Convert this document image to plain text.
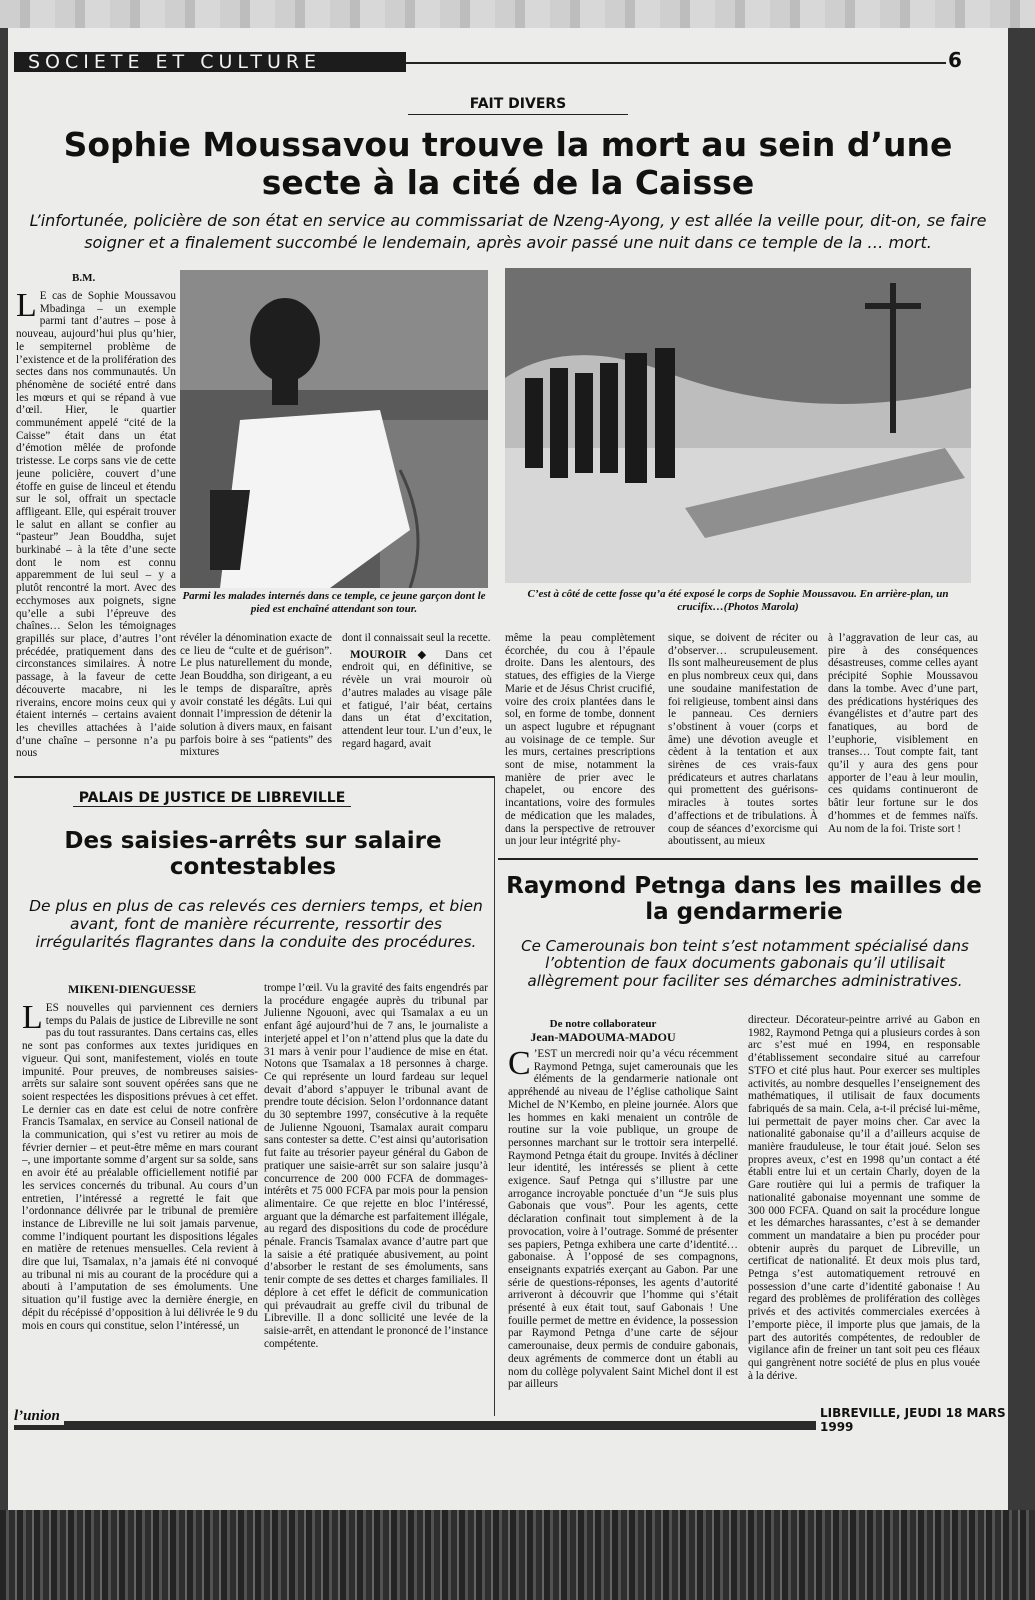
SOCIETE ET CULTURE	6
FAIT DIVERS
Sophie Moussavou trouve la mort au sein d’une secte à la cité de la Caisse
L’infortunée, policière de son état en service au commissariat de Nzeng-Ayong, y est allée la veille pour, dit-on, se faire soigner et a finalement succombé le lendemain, après avoir passé une nuit dans ce temple de la … mort.
B.M.
L E cas de Sophie Moussavou Mbadinga – un exemple parmi tant d’autres – pose à nouveau, aujourd’hui plus qu’hier, le sempiternel problème de l’existence et de la prolifération des sectes dans nos communautés. Un phénomène de société entré dans les mœurs et qui se répand à vue d’œil. Hier, le quartier communément appelé “cité de la Caisse” était dans un état d’émotion mêlée de profonde tristesse. Le corps sans vie de cette jeune policière, couvert d’une étoffe en guise de linceul et étendu sur le sol, offrait un spectacle affligeant. Elle, qui espérait trouver le salut en allant se confier au “pasteur” Jean Bouddha, sujet burkinabé – à la tête d’une secte dont le nom est connu apparemment de lui seul – y a plutôt rencontré la mort. Avec des ecchymoses aux poignets, signe qu’elle a subi l’épreuve des chaînes… Selon les témoignages grapillés sur place, d’autres l’ont précédée, pratiquement dans des circonstances similaires. À notre passage, à la faveur de cette découverte macabre, ni les riverains, encore moins ceux qui y étaient internés – certains avaient les chevilles attachées à l’aide d’une chaîne – personne n’a pu nous
Parmi les malades internés dans ce temple, ce jeune garçon dont le pied est enchaîné attendant son tour.
C’est à côté de cette fosse qu’a été exposé le corps de Sophie Moussavou. En arrière-plan, un crucifix…(Photos Marola)
révéler la dénomination exacte de ce lieu de “culte et de guérison”. Le plus naturellement du monde, Jean Bouddha, son dirigeant, a eu le temps de disparaître, après avoir constaté les dégâts. Lui qui donnait l’impression de détenir la solution à divers maux, en faisant parfois boire à ses “patients” des mixtures

dont il connaissait seul la recette.

MOUROIR ◆ Dans cet endroit qui, en définitive, se révèle un vrai mouroir où d’autres malades au visage pâle et fatigué, l’air béat, certains dans un état d’excitation, attendent leur tour. L’un d’eux, le regard hagard, avait

même la peau complètement écorchée, du cou à l’épaule droite. Dans les alentours, des statues, des effigies de la Vierge Marie et de Jésus Christ crucifié, voire des croix plantées dans le sol, en forme de tombe, donnent un aspect lugubre et répugnant au voisinage de ce temple. Sur les murs, certaines prescriptions sont de mise, notamment la manière de prier avec le chapelet, ou encore des incantations, voire des formules de médication que les malades, dans la perspective de retrouver un jour leur intégrité phy-
sique, se doivent de réciter ou d’observer… scrupuleusement. Ils sont malheureusement de plus en plus nombreux ceux qui, dans une soudaine manifestation de foi religieuse, tombent ainsi dans le panneau. Ces derniers s’obstinent à vouer (corps et âme) une dévotion aveugle et cèdent à la tentation et aux sirènes de ces vrais-faux prédicateurs et autres charlatans qui promettent des guérisons-miracles à toutes sortes d’affections et de tribulations. À coup de séances d’exorcisme qui aboutissent, au mieux
à l’aggravation de leur cas, au pire à des conséquences désastreuses, comme celles ayant précipité Sophie Moussavou dans la tombe. Avec d’une part, des prédications hystériques des évangélistes et d’autre part des fanatiques, au bord de l’euphorie, visiblement en transes… Tout compte fait, tant qu’il y aura des gens pour apporter de l’eau à leur moulin, ces quidams continueront de bâtir leur fortune sur le dos d’hommes et de femmes naïfs. Au nom de la foi. Triste sort !
PALAIS DE JUSTICE DE LIBREVILLE
Des saisies-arrêts sur salaire contestables
De plus en plus de cas relevés ces derniers temps, et bien avant, font de manière récurrente, ressortir des irrégularités flagrantes dans la conduite des procédures.
MIKENI-DIENGUESSE
LES nouvelles qui parviennent ces derniers temps du Palais de justice de Libreville ne sont pas du tout rassurantes. Dans certains cas, elles ne sont pas conformes aux textes juridiques en vigueur. Qui sont, manifestement, violés en toute impunité. Pour preuves, de nombreuses saisies-arrêts sur salaire sont souvent opérées sans que ne soient respectées les dispositions prévues à cet effet. Le dernier cas en date est celui de notre confrère Francis Tsamalax, en service au Conseil national de la communication, qui s’est vu retirer au mois de février dernier – et peut-être même en mars courant –, une importante somme d’argent sur sa solde, sans en avoir été au préalable officiellement notifié par les services concernés du tribunal. Au cours d’un entretien, l’intéressé a regretté le fait que l’ordonnance délivrée par le tribunal de première instance de Libreville ne lui soit jamais parvenue, comme l’indiquent pourtant les dispositions légales en matière de retenues mensuelles. Cela revient à dire que lui, Tsamalax, n’a jamais été ni convoqué au tribunal ni mis au courant de la procédure qui a abouti à l’amputation de ses émoluments. Une situation qu’il fustige avec la dernière énergie, en dépit du récépissé d’opposition à lui délivrée le 9 du mois en cours qui constitue, selon l’intéressé, un
trompe l’œil. Vu la gravité des faits engendrés par la procédure engagée auprès du tribunal par Julienne Ngouoni, avec qui Tsamalax a eu un enfant âgé aujourd’hui de 7 ans, le journaliste a interjeté appel et l’on n’attend plus que la date du 31 mars à venir pour l’audience de mise en état. Notons que Tsamalax a 18 personnes à charge. Ce qui représente un lourd fardeau sur lequel devait d’abord s’appuyer le tribunal avant de prendre toute décision. Selon l’ordonnance datant du 30 septembre 1997, consécutive à la requête de Julienne Ngouoni, Tsamalax aurait comparu sans contester sa dette. C’est ainsi qu’autorisation fut faite au trésorier payeur général du Gabon de pratiquer une saisie-arrêt sur son salaire jusqu’à concurrence de 200 000 FCFA de dommages-intérêts et 75 000 FCFA par mois pour la pension alimentaire. Ce que rejette en bloc l’intéressé, arguant que la démarche est parfaitement illégale, au regard des dispositions du code de procédure pénale. Francis Tsamalax avance d’autre part que la saisie a été pratiquée abusivement, au point d’absorber le restant de ses émoluments, sans tenir compte de ses dettes et charges familiales. Il déplore à cet effet le déficit de communication qui prévaudrait au greffe civil du tribunal de Libreville. Il a donc sollicité une levée de la saisie-arrêt, en attendant le prononcé de l’instance compétente.
Raymond Petnga dans les mailles de la gendarmerie
Ce Camerounais bon teint s’est notamment spécialisé dans l’obtention de faux documents gabonais qu’il utilisait allègrement pour faciliter ses démarches administratives.
De notre collaborateur
Jean-MADOUMA-MADOU
C ’EST un mercredi noir qu’a vécu récemment Raymond Petnga, sujet camerounais que les éléments de la gendarmerie nationale ont appréhendé au niveau de l’église catholique Saint Michel de N’Kembo, en pleine journée. Alors que les hommes en kaki menaient un contrôle de routine sur la voie publique, un groupe de personnes marchant sur le trottoir sera interpellé. Raymond Petnga était du groupe. Invités à décliner leur identité, les intéressés se plient à cette exigence. Sauf Petnga qui s’illustre par une arrogance incroyable ponctuée d’un “Je suis plus Gabonais que vous”. Pour les agents, cette déclaration confinait tout simplement à de la provocation, voire à l’outrage. Sommé de présenter ses papiers, Petnga exhibera une carte d’identité… gabonaise. À l’opposé de ses compagnons, enseignants expatriés exerçant au Gabon. Par une série de questions-réponses, les agents d’autorité arriveront à découvrir que l’homme qui s’était présenté à eux était tout, sauf Gabonais ! Une fouille permet de mettre en évidence, la possession par Raymond Petnga d’une carte de séjour camerounaise, deux permis de conduire gabonais, deux agréments de commerce dont un établi au nom du collège polyvalent Saint Michel dont il est par ailleurs
directeur. Décorateur-peintre arrivé au Gabon en 1982, Raymond Petnga qui a plusieurs cordes à son arc s’est mué en 1994, en responsable d’établissement secondaire situé au carrefour STFO et cité plus haut. Pour exercer ses multiples activités, au nombre desquelles l’enseignement des mathématiques, il utilisait de faux documents fabriqués de sa main. Cela, a-t-il précisé lui-même, lui permettait de payer moins cher. Car avec la nationalité gabonaise qu’il a d’ailleurs acquise de manière frauduleuse, le tour était joué. Selon ses propres aveux, c’est en 1998 qu’un contact a été établi entre lui et un certain Charly, doyen de la Gare routière qui lui a permis de trafiquer la nationalité gabonaise moyennant une somme de 300 000 FCFA. Quand on sait la procédure longue et les démarches harassantes, c’est à se demander comment un mandataire a bien pu procéder pour obtenir auprès du parquet de Libreville, un certificat de nationalité. Et deux mois plus tard, Petnga s’est automatiquement retrouvé en possession d’une carte d’identité gabonaise ! Au regard des problèmes de prolifération des collèges privés et des activités commerciales exercées à l’emporte pièce, il importe plus que jamais, de la part des autorités compétentes, de redoubler de vigilance afin de freiner un tant soit peu ces fléaux qui gangrènent notre société de plus en plus vouée à la dérive.
l’union	LIBREVILLE, JEUDI 18 MARS 1999
